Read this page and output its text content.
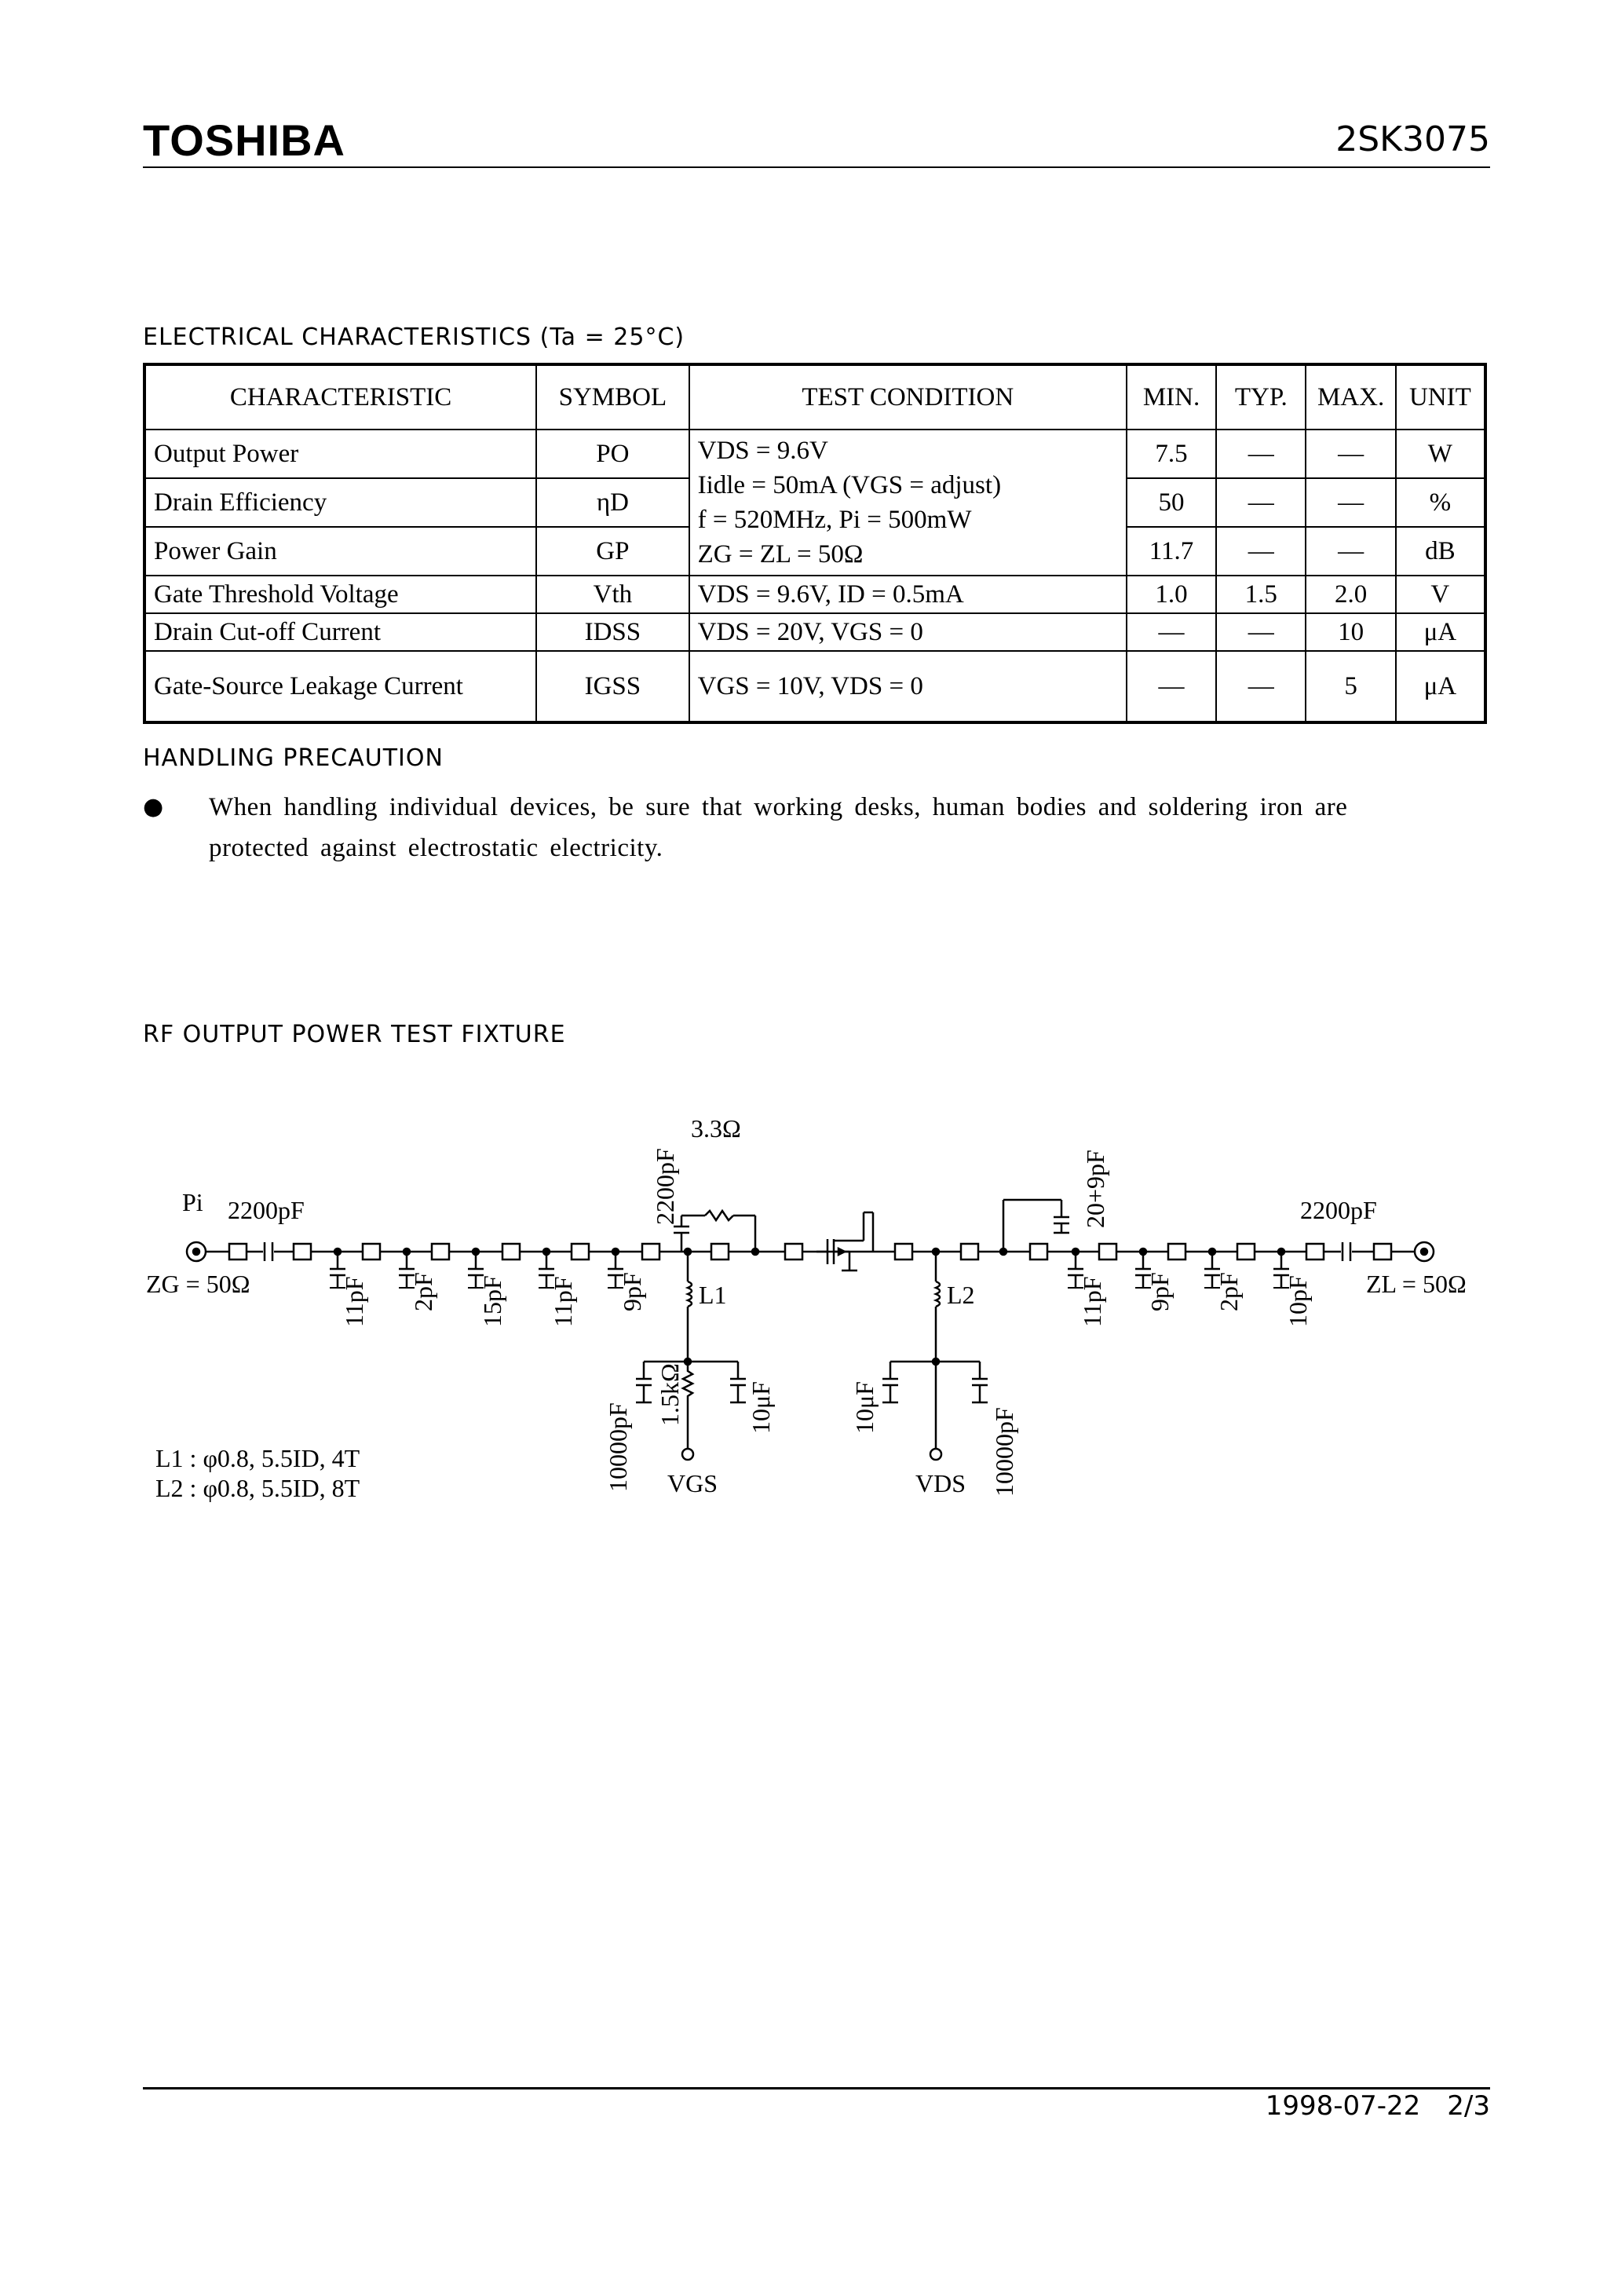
TOSHIBA	2SK3075
ELECTRICAL CHARACTERISTICS (Ta = 25°C)
CHARACTERISTIC	SYMBOL	TEST CONDITION	MIN.	TYP.	MAX.	UNIT
Output Power	PO	VDS = 9.6V
Iidle = 50mA (VGS = adjust)
f = 520MHz, Pi = 500mW
ZG = ZL = 50Ω	7.5	—	—	W
Drain Efficiency	ηD		50	—	—	%
Power Gain	GP		11.7	—	—	dB
Gate Threshold Voltage	Vth	VDS = 9.6V, ID = 0.5mA	1.0	1.5	2.0	V
Drain Cut-off Current	IDSS	VDS = 20V, VGS = 0	—	—	10	μA
Gate-Source Leakage Current	IGSS	VGS = 10V, VDS = 0	—	—	5	μA
HANDLING PRECAUTION
● When handling individual devices, be sure that working desks, human bodies and soldering iron are protected against electrostatic electricity.
RF OUTPUT POWER TEST FIXTURE
Pi 2200pF
ZG = 50Ω
2200pF
ZL = 50Ω
3.3Ω
2200pF	20+9pF
11pF 2pF 15pF 11pF 9pF	11pF 9pF 2pF 10pF
L1	L2
10000pF
1.5kΩ	10μF	10μF	10000pF
VGS	VDS
L1 : φ0.8, 5.5ID, 4T
L2 : φ0.8, 5.5ID, 8T
1998-07-22 2/3
